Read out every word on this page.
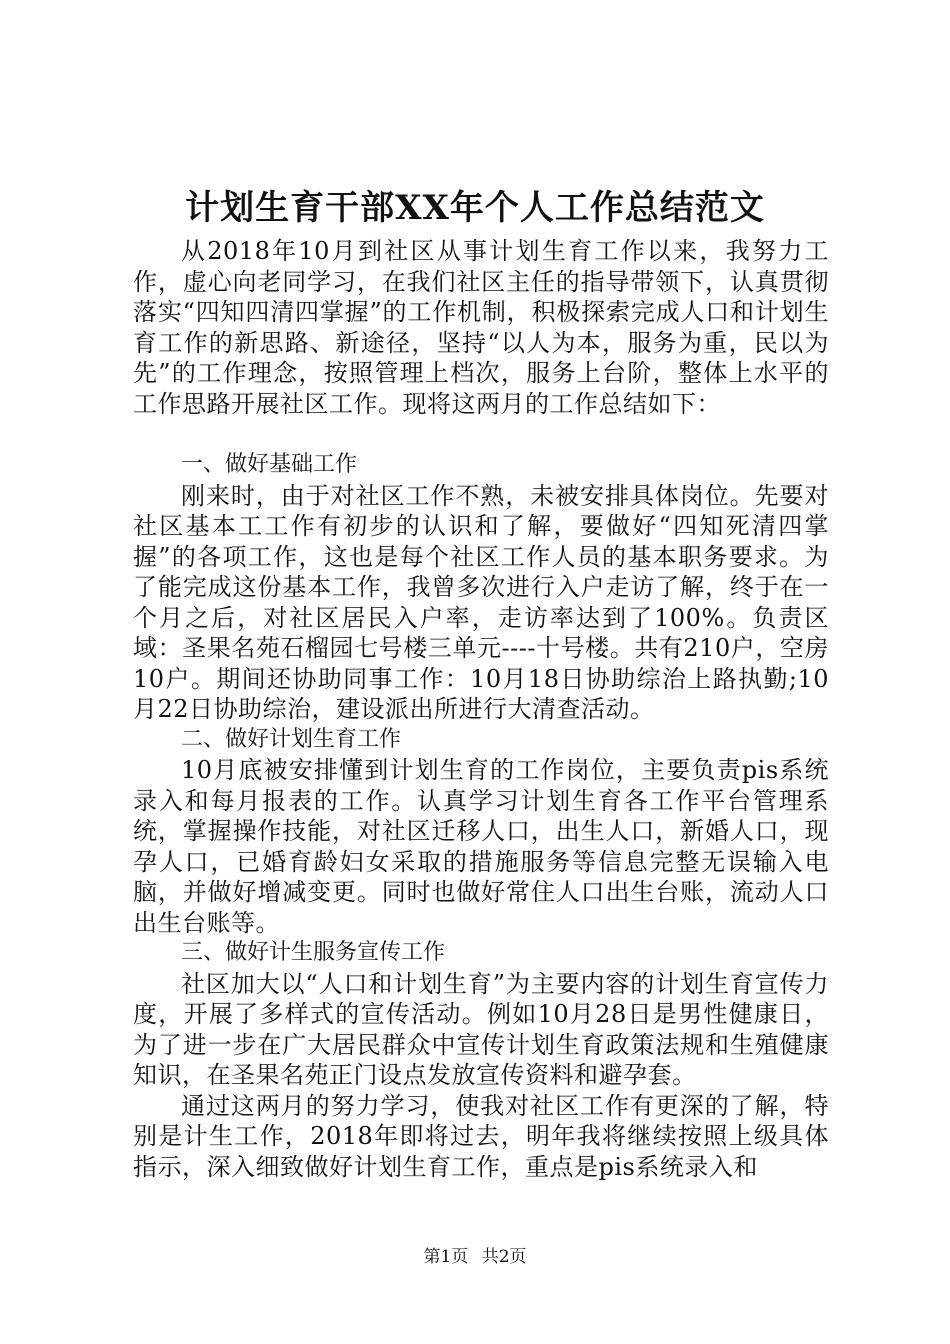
计划生育干部XX年个人工作总结范文

从2018年10月到社区从事计划生育工作以来，我努力工作，虚心向老同学习，在我们社区主任的指导带领下，认真贯彻落实“四知四清四掌握”的工作机制，积极探索完成人口和计划生育工作的新思路、新途径，坚持“以人为本，服务为重，民以为先”的工作理念，按照管理上档次，服务上台阶，整体上水平的工作思路开展社区工作。现将这两月的工作总结如下：

一、做好基础工作

刚来时，由于对社区工作不熟，未被安排具体岗位。先要对社区基本工工作有初步的认识和了解，要做好“四知死清四掌握”的各项工作，这也是每个社区工作人员的基本职务要求。为了能完成这份基本工作，我曾多次进行入户走访了解，终于在一个月之后，对社区居民入户率，走访率达到了100%。负责区域：圣果名苑石榴园七号楼三单元----十号楼。共有210户，空房10户。期间还协助同事工作：10月18日协助综治上路执勤;10月22日协助综治，建设派出所进行大清查活动。

二、做好计划生育工作

10月底被安排懂到计划生育的工作岗位，主要负责pis系统录入和每月报表的工作。认真学习计划生育各工作平台管理系统，掌握操作技能，对社区迁移人口，出生人口，新婚人口，现孕人口，已婚育龄妇女采取的措施服务等信息完整无误输入电脑，并做好增减变更。同时也做好常住人口出生台账，流动人口出生台账等。

三、做好计生服务宣传工作

社区加大以“人口和计划生育”为主要内容的计划生育宣传力度，开展了多样式的宣传活动。例如10月28日是男性健康日，为了进一步在广大居民群众中宣传计划生育政策法规和生殖健康知识，在圣果名苑正门设点发放宣传资料和避孕套。

通过这两月的努力学习，使我对社区工作有更深的了解，特别是计生工作，2018年即将过去，明年我将继续按照上级具体指示，深入细致做好计划生育工作，重点是pis系统录入和

第1页 共2页
